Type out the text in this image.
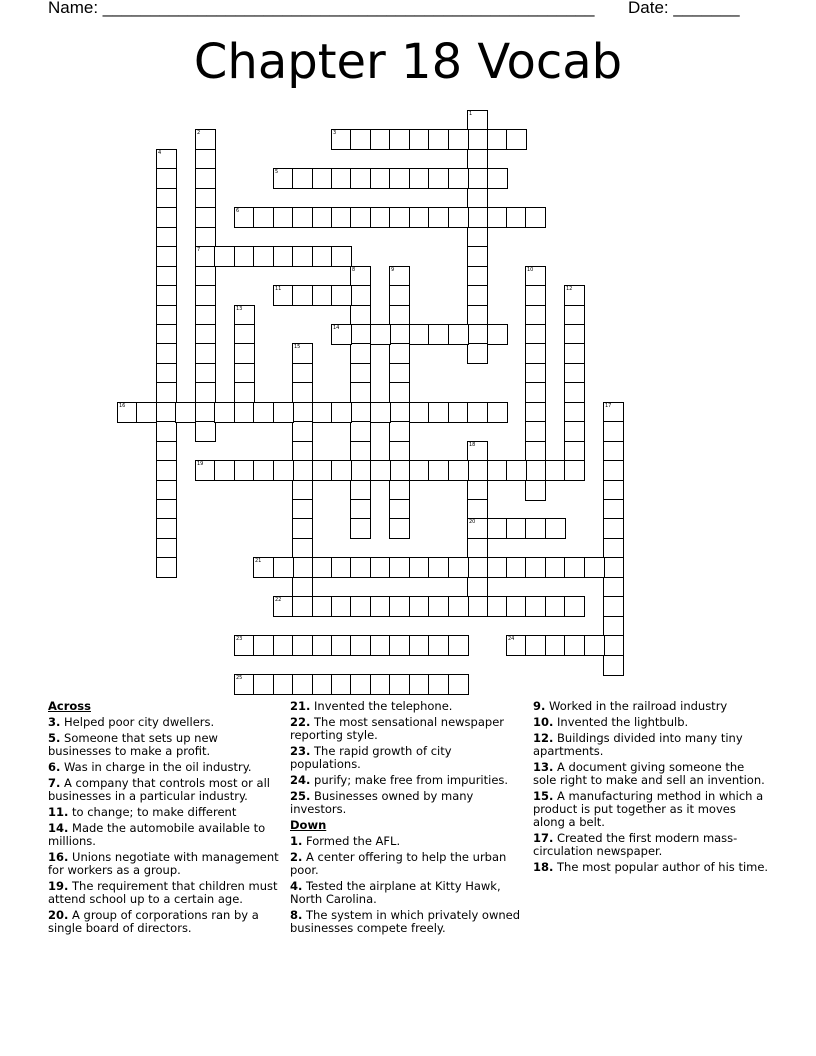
Name: ____________________________________________________ Date: _______
Chapter 18 Vocab
1
2
7
3
4
5
6
8	9	10
11	12
13
14
15
16	17
18
20
19
21
22
23	24
25
Across
3. Helped poor city dwellers.
5. Someone that sets up new businesses to make a profit.
6. Was in charge in the oil industry.
7. A company that controls most or all businesses in a particular industry.
11. to change; to make different
14. Made the automobile available to millions.
16. Unions negotiate with management for workers as a group.
19. The requirement that children must attend school up to a certain age.
20. A group of corporations ran by a single board of directors.
21. Invented the telephone.
22. The most sensational newspaper reporting style.
23. The rapid growth of city populations.
24. purify; make free from impurities.
25. Businesses owned by many investors.
Down
1. Formed the AFL.
2. A center offering to help the urban poor.
4. Tested the airplane at Kitty Hawk, North Carolina.
8. The system in which privately owned businesses compete freely.
9. Worked in the railroad industry
10. Invented the lightbulb.
12. Buildings divided into many tiny apartments.
13. A document giving someone the sole right to make and sell an invention.
15. A manufacturing method in which a product is put together as it moves along a belt.
17. Created the first modern mass-circulation newspaper.
18. The most popular author of his time.
